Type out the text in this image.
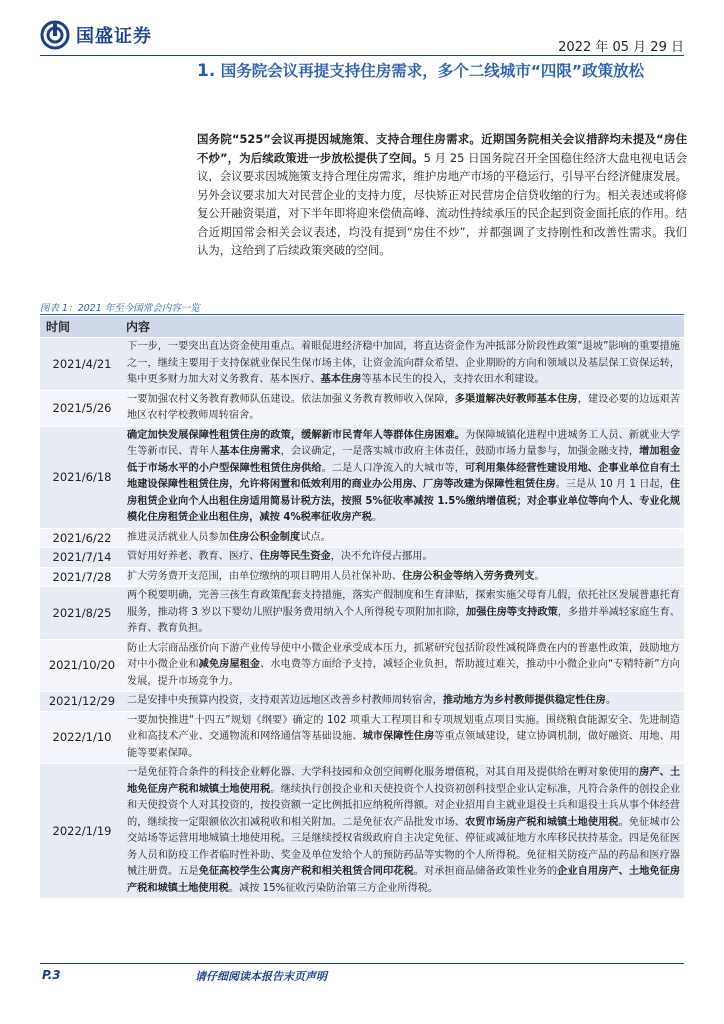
国盛证券
2022 年 05 月 29 日
1. 国务院会议再提支持住房需求，多个二线城市“四限”政策放松
国务院“525”会议再提因城施策、支持合理住房需求。近期国务院相关会议措辞均未提及“房住不炒”，为后续政策进一步放松提供了空间。5 月 25 日国务院召开全国稳住经济大盘电视电话会议，会议要求因城施策支持合理住房需求，维护房地产市场的平稳运行，引导平台经济健康发展。另外会议要求加大对民营企业的支持力度，尽快矫正对民营房企信贷收缩的行为。相关表述或将修复公开融资渠道，对下半年即将迎来偿债高峰、流动性持续承压的民企起到资金面托底的作用。结合近期国常会相关会议表述，均没有提到“房住不炒”，并都强调了支持刚性和改善性需求。我们认为，这给到了后续政策突破的空间。
图表 1：2021 年至今国常会内容一览
时间	内容
2021/4/21	下一步，一要突出直达资金使用重点。着眼促进经济稳中加固，将直达资金作为冲抵部分阶段性政策“退坡”影响的重要措施之一，继续主要用于支持保就业保民生保市场主体，让资金流向群众希望、企业期盼的方向和领域以及基层保工资保运转，集中更多财力加大对义务教育、基本医疗、基本住房等基本民生的投入，支持农田水利建设。
2021/5/26	一要加强农村义务教育教师队伍建设。依法加强义务教育教师收入保障，多渠道解决好教师基本住房，建设必要的边远艰苦地区农村学校教师周转宿舍。
2021/6/18	确定加快发展保障性租赁住房的政策，缓解新市民青年人等群体住房困难。为保障城镇化进程中进城务工人员、新就业大学生等新市民、青年人基本住房需求，会议确定，一是落实城市政府主体责任，鼓励市场力量参与，加强金融支持，增加租金低于市场水平的小户型保障性租赁住房供给。二是人口净流入的大城市等，可利用集体经营性建设用地、企事业单位自有土地建设保障性租赁住房，允许将闲置和低效利用的商业办公用房、厂房等改建为保障性租赁住房。三是从 10 月 1 日起，住房租赁企业向个人出租住房适用简易计税方法，按照 5%征收率减按 1.5%缴纳增值税；对企事业单位等向个人、专业化规模化住房租赁企业出租住房，减按 4%税率征收房产税。
2021/6/22	推进灵活就业人员参加住房公积金制度试点。
2021/7/14	管好用好养老、教育、医疗、住房等民生资金，决不允许侵占挪用。
2021/7/28	扩大劳务费开支范围，由单位缴纳的项目聘用人员社保补助、住房公积金等纳入劳务费列支。
2021/8/25	两个税要明确，完善三孩生育政策配套支持措施，落实产假制度和生育津贴，探索实施父母育儿假，依托社区发展普惠托育服务，推动将 3 岁以下婴幼儿照护服务费用纳入个人所得税专项附加扣除，加强住房等支持政策，多措并举减轻家庭生育、养育、教育负担。
2021/10/20	防止大宗商品涨价向下游产业传导使中小微企业承受成本压力，抓紧研究包括阶段性减税降费在内的普惠性政策，鼓励地方对中小微企业和减免房屋租金、水电费等方面给予支持，减轻企业负担，帮助渡过难关，推动中小微企业向“专精特新”方向发展，提升市场竞争力。
2021/12/29	二是安排中央预算内投资，支持艰苦边远地区改善乡村教师周转宿舍，推动地方为乡村教师提供稳定性住房。
2022/1/10	一要加快推进“十四五”规划《纲要》确定的 102 项重大工程项目和专项规划重点项目实施。围绕粮食能源安全、先进制造业和高技术产业、交通物流和网络通信等基础设施、城市保障性住房等重点领域建设，建立协调机制，做好融资、用地、用能等要素保障。
2022/1/19	一是免征符合条件的科技企业孵化器、大学科技园和众创空间孵化服务增值税，对其自用及提供给在孵对象使用的房产、土地免征房产税和城镇土地使用税。继续执行创投企业和天使投资个人投资初创科技型企业认定标准，凡符合条件的创投企业和天使投资个人对其投资的，按投资额一定比例抵扣应纳税所得额。对企业招用自主就业退役士兵和退役士兵从事个体经营的，继续按一定限额依次扣减税收和相关附加。二是免征农产品批发市场、农贸市场房产税和城镇土地使用税。免征城市公交站场等运营用地城镇土地使用税。三是继续授权省级政府自主决定免征、停征或减征地方水库移民扶持基金。四是免征医务人员和防疫工作者临时性补助、奖金及单位发给个人的预防药品等实物的个人所得税。免征相关防疫产品的药品和医疗器械注册费。五是免征高校学生公寓房产税和相关租赁合同印花税。对承担商品储备政策性业务的企业自用房产、土地免征房产税和城镇土地使用税。减按 15%征收污染防治第三方企业所得税。
P.3	请仔细阅读本报告末页声明
